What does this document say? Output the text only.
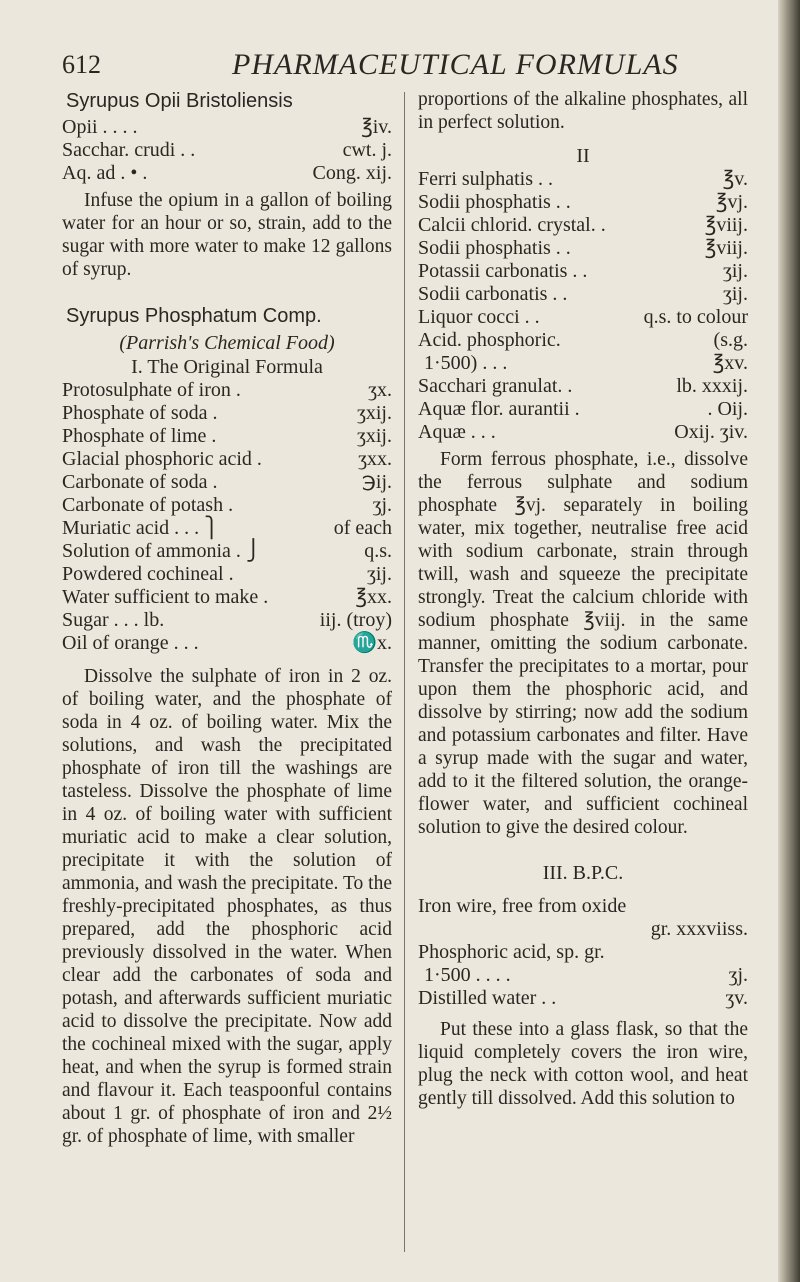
612	PHARMACEUTICAL FORMULAS
Syrupus Opii Bristoliensis
Opii . . . .	℥iv.
Sacchar. crudi . .	cwt. j.
Aq. ad . • .	Cong. xij.

Infuse the opium in a gallon of boiling water for an hour or so, strain, add to the sugar with more water to make 12 gallons of syrup.

Syrupus Phosphatum Comp.
(Parrish's Chemical Food)
I. The Original Formula
Protosulphate of iron .	ʒx.
Phosphate of soda .	ʒxij.
Phosphate of lime .	ʒxij.
Glacial phosphoric acid .	ʒxx.
Carbonate of soda .	℈ij.
Carbonate of potash .	ʒj.
Muriatic acid . . . ⎫	of each
Solution of ammonia . ⎭	q.s.
Powdered cochineal .	ʒij.
Water sufficient to make .	℥xx.
Sugar . . . lb.	iij. (troy)
Oil of orange . . .	♏x.

Dissolve the sulphate of iron in 2 oz. of boiling water, and the phosphate of soda in 4 oz. of boiling water. Mix the solutions, and wash the precipitated phosphate of iron till the washings are tasteless. Dissolve the phosphate of lime in 4 oz. of boiling water with sufficient muriatic acid to make a clear solution, precipitate it with the solution of ammonia, and wash the precipitate. To the freshly-precipitated phosphates, as thus prepared, add the phosphoric acid previously dissolved in the water. When clear add the carbonates of soda and potash, and afterwards sufficient muriatic acid to dissolve the precipitate. Now add the cochineal mixed with the sugar, apply heat, and when the syrup is formed strain and flavour it. Each teaspoonful contains about 1 gr. of phosphate of iron and 2½ gr. of phosphate of lime, with smaller

proportions of the alkaline phosphates, all in perfect solution.

II
Ferri sulphatis . .	℥v.
Sodii phosphatis . .	℥vj.
Calcii chlorid. crystal. .	℥viij.
Sodii phosphatis . .	℥viij.
Potassii carbonatis . .	ʒij.
Sodii carbonatis . .	ʒij.
Liquor cocci . .	q.s. to colour
Acid. phosphoric.	(s.g.
1·500) . . .	℥xv.
Sacchari granulat. .	lb. xxxij.
Aquæ flor. aurantii .	. Oij.
Aquæ . . .	Oxij. ʒiv.

Form ferrous phosphate, i.e., dissolve the ferrous sulphate and sodium phosphate ℥vj. separately in boiling water, mix together, neutralise free acid with sodium carbonate, strain through twill, wash and squeeze the precipitate strongly. Treat the calcium chloride with sodium phosphate ℥viij. in the same manner, omitting the sodium carbonate. Transfer the precipitates to a mortar, pour upon them the phosphoric acid, and dissolve by stirring; now add the sodium and potassium carbonates and filter. Have a syrup made with the sugar and water, add to it the filtered solution, the orange-flower water, and sufficient cochineal solution to give the desired colour.

III. B.P.C.
Iron wire, free from oxide
gr. xxxviiss.
Phosphoric acid, sp. gr.
1·500 . . . .	ʒj.
Distilled water . .	ʒv.

Put these into a glass flask, so that the liquid completely covers the iron wire, plug the neck with cotton wool, and heat gently till dissolved. Add this solution to
